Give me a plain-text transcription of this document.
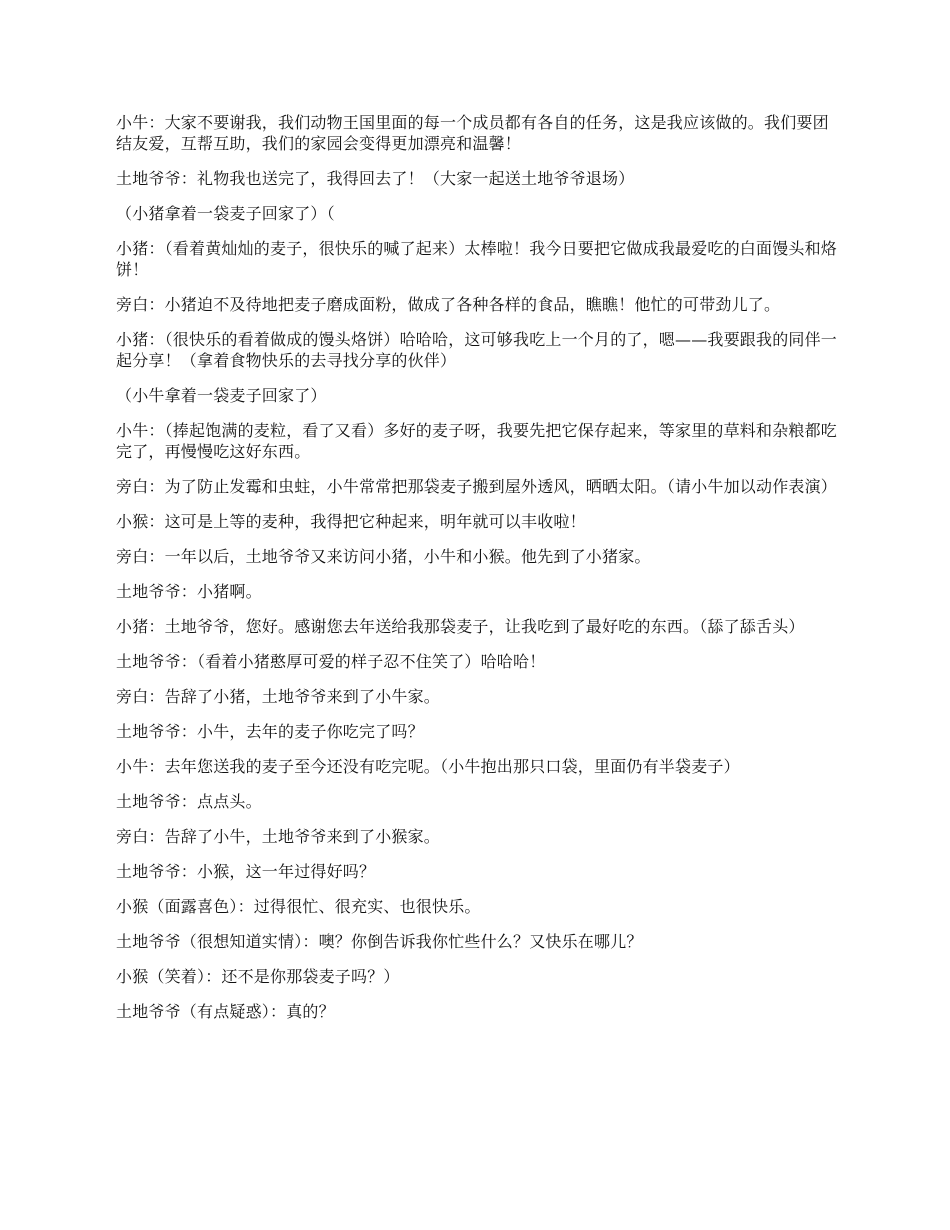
小牛：大家不要谢我，我们动物王国里面的每一个成员都有各自的任务，这是我应该做的。我们要团结友爱，互帮互助，我们的家园会变得更加漂亮和温馨！

土地爷爷：礼物我也送完了，我得回去了！（大家一起送土地爷爷退场）

（小猪拿着一袋麦子回家了）（

小猪：（看着黄灿灿的麦子，很快乐的喊了起来）太棒啦！我今日要把它做成我最爱吃的白面馒头和烙饼！

旁白：小猪迫不及待地把麦子磨成面粉，做成了各种各样的食品，瞧瞧！他忙的可带劲儿了。

小猪：（很快乐的看着做成的馒头烙饼）哈哈哈，这可够我吃上一个月的了，嗯——我要跟我的同伴一起分享！（拿着食物快乐的去寻找分享的伙伴）

（小牛拿着一袋麦子回家了）

小牛：（捧起饱满的麦粒，看了又看）多好的麦子呀，我要先把它保存起来，等家里的草料和杂粮都吃完了，再慢慢吃这好东西。

旁白：为了防止发霉和虫蛀，小牛常常把那袋麦子搬到屋外透风，晒晒太阳。（请小牛加以动作表演）

小猴：这可是上等的麦种，我得把它种起来，明年就可以丰收啦！

旁白：一年以后，土地爷爷又来访问小猪，小牛和小猴。他先到了小猪家。

土地爷爷：小猪啊。

小猪：土地爷爷，您好。感谢您去年送给我那袋麦子，让我吃到了最好吃的东西。（舔了舔舌头）

土地爷爷：（看着小猪憨厚可爱的样子忍不住笑了）哈哈哈！

旁白：告辞了小猪，土地爷爷来到了小牛家。

土地爷爷：小牛，去年的麦子你吃完了吗？

小牛：去年您送我的麦子至今还没有吃完呢。（小牛抱出那只口袋，里面仍有半袋麦子）

土地爷爷：点点头。

旁白：告辞了小牛，土地爷爷来到了小猴家。

土地爷爷：小猴，这一年过得好吗？

小猴（面露喜色）：过得很忙、很充实、也很快乐。

土地爷爷（很想知道实情）：噢？你倒告诉我你忙些什么？又快乐在哪儿？

小猴（笑着）：还不是你那袋麦子吗？）

土地爷爷（有点疑惑）：真的？
